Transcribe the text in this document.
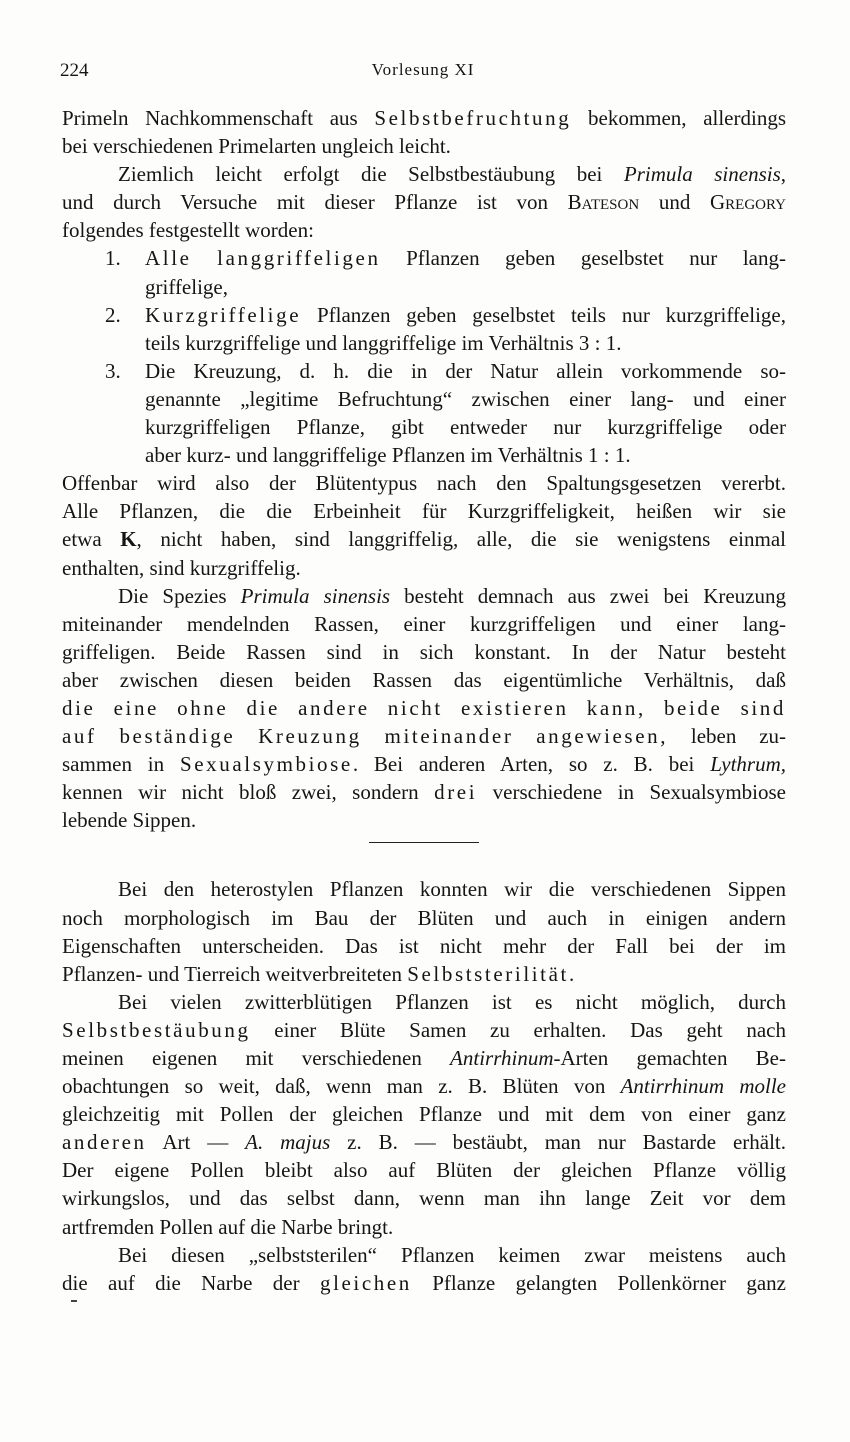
224	Vorlesung XI
Primeln Nachkommenschaft aus Selbstbefruchtung bekommen, allerdings
bei verschiedenen Primelarten ungleich leicht.
Ziemlich leicht erfolgt die Selbstbestäubung bei Primula sinensis,
und durch Versuche mit dieser Pflanze ist von Bateson und Gregory
folgendes festgestellt worden:
1. Alle langgriffeligen Pflanzen geben geselbstet nur lang-
griffelige,
2. Kurzgriffelige Pflanzen geben geselbstet teils nur kurzgriffelige,
teils kurzgriffelige und langgriffelige im Verhältnis 3 : 1.
3. Die Kreuzung, d. h. die in der Natur allein vorkommende so-
genannte „legitime Befruchtung“ zwischen einer lang- und einer
kurzgriffeligen Pflanze, gibt entweder nur kurzgriffelige oder
aber kurz- und langgriffelige Pflanzen im Verhältnis 1 : 1.
Offenbar wird also der Blütentypus nach den Spaltungsgesetzen vererbt.
Alle Pflanzen, die die Erbeinheit für Kurzgriffeligkeit, heißen wir sie
etwa K, nicht haben, sind langgriffelig, alle, die sie wenigstens einmal
enthalten, sind kurzgriffelig.
Die Spezies Primula sinensis besteht demnach aus zwei bei Kreuzung
miteinander mendelnden Rassen, einer kurzgriffeligen und einer lang-
griffeligen. Beide Rassen sind in sich konstant. In der Natur besteht
aber zwischen diesen beiden Rassen das eigentümliche Verhältnis, daß
die eine ohne die andere nicht existieren kann, beide sind
auf beständige Kreuzung miteinander angewiesen, leben zu-
sammen in Sexualsymbiose. Bei anderen Arten, so z. B. bei Lythrum,
kennen wir nicht bloß zwei, sondern drei verschiedene in Sexualsymbiose
lebende Sippen.
Bei den heterostylen Pflanzen konnten wir die verschiedenen Sippen
noch morphologisch im Bau der Blüten und auch in einigen andern
Eigenschaften unterscheiden. Das ist nicht mehr der Fall bei der im
Pflanzen- und Tierreich weitverbreiteten Selbststerilität.
Bei vielen zwitterblütigen Pflanzen ist es nicht möglich, durch
Selbstbestäubung einer Blüte Samen zu erhalten. Das geht nach
meinen eigenen mit verschiedenen Antirrhinum-Arten gemachten Be-
obachtungen so weit, daß, wenn man z. B. Blüten von Antirrhinum molle
gleichzeitig mit Pollen der gleichen Pflanze und mit dem von einer ganz
anderen Art — A. majus z. B. — bestäubt, man nur Bastarde erhält.
Der eigene Pollen bleibt also auf Blüten der gleichen Pflanze völlig
wirkungslos, und das selbst dann, wenn man ihn lange Zeit vor dem
artfremden Pollen auf die Narbe bringt.
Bei diesen „selbststerilen“ Pflanzen keimen zwar meistens auch
die auf die Narbe der gleichen Pflanze gelangten Pollenkörner ganz
